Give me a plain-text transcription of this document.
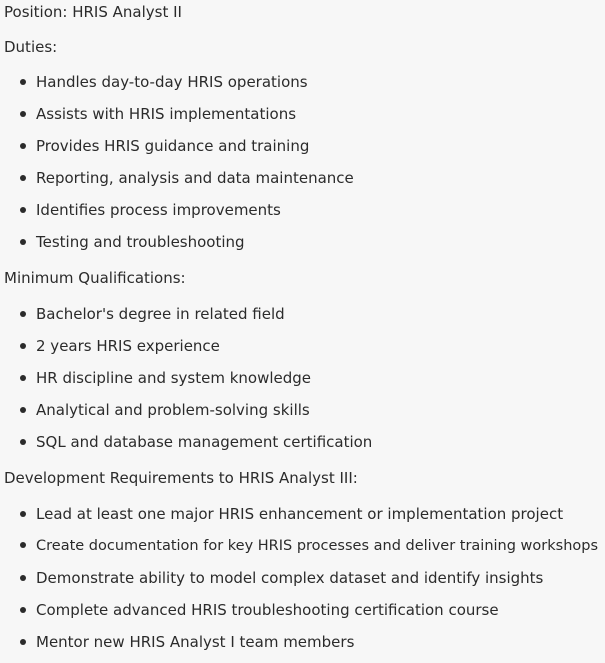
Position: HRIS Analyst II
Duties:
Handles day-to-day HRIS operations
Assists with HRIS implementations
Provides HRIS guidance and training
Reporting, analysis and data maintenance
Identifies process improvements
Testing and troubleshooting
Minimum Qualifications:
Bachelor's degree in related field
2 years HRIS experience
HR discipline and system knowledge
Analytical and problem-solving skills
SQL and database management certification
Development Requirements to HRIS Analyst III:
Lead at least one major HRIS enhancement or implementation project
Create documentation for key HRIS processes and deliver training workshops
Demonstrate ability to model complex dataset and identify insights
Complete advanced HRIS troubleshooting certification course
Mentor new HRIS Analyst I team members
